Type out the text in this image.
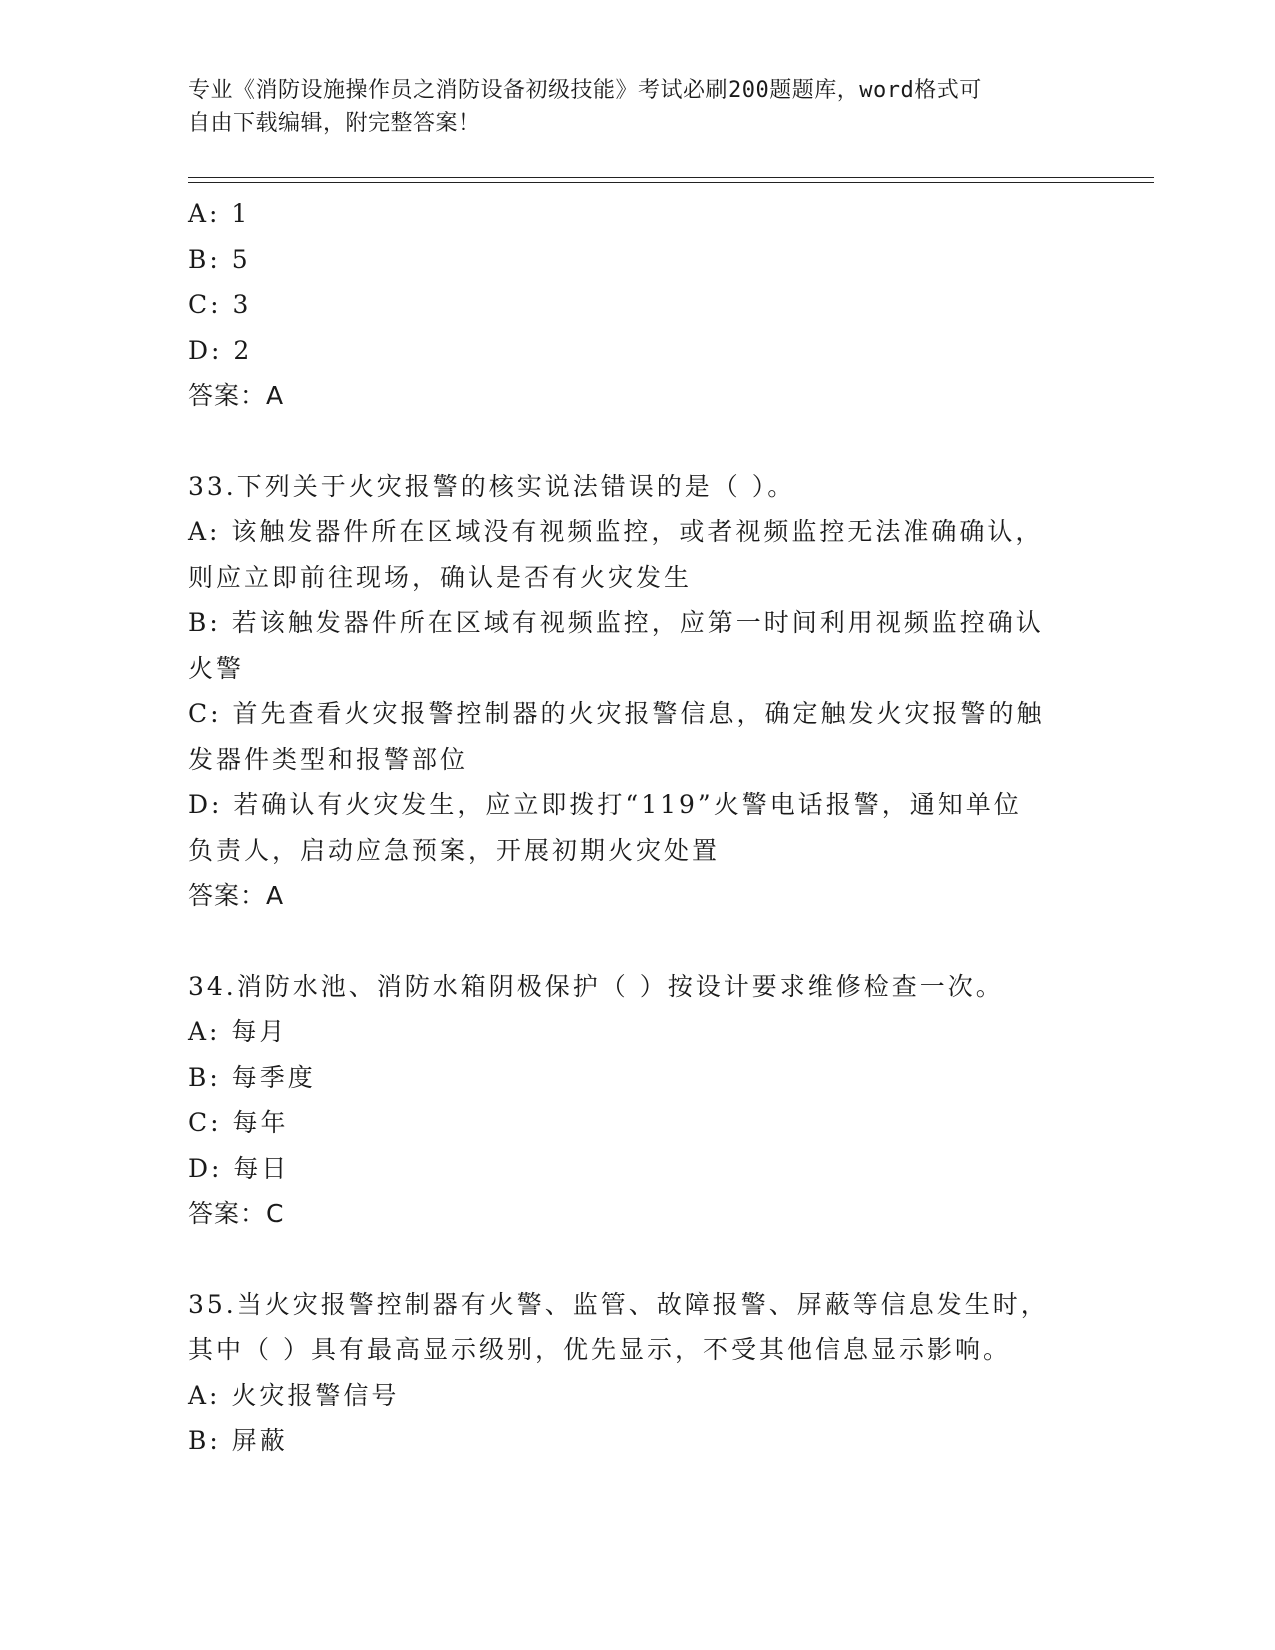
专业《消防设施操作员之消防设备初级技能》考试必刷200题题库，word格式可
自由下载编辑，附完整答案！

A: 1

B: 5

C: 3

D: 2

答案：A

33.下列关于火灾报警的核实说法错误的是（ ）。

A: 该触发器件所在区域没有视频监控，或者视频监控无法准确确认，

则应立即前往现场，确认是否有火灾发生

B: 若该触发器件所在区域有视频监控，应第一时间利用视频监控确认

火警

C: 首先查看火灾报警控制器的火灾报警信息，确定触发火灾报警的触

发器件类型和报警部位

D: 若确认有火灾发生，应立即拨打“119”火警电话报警，通知单位

负责人，启动应急预案，开展初期火灾处置

答案：A

34.消防水池、消防水箱阴极保护（ ）按设计要求维修检查一次。

A: 每月

B: 每季度

C: 每年

D: 每日

答案：C

35.当火灾报警控制器有火警、监管、故障报警、屏蔽等信息发生时，

其中（ ）具有最高显示级别，优先显示，不受其他信息显示影响。

A: 火灾报警信号

B: 屏蔽
